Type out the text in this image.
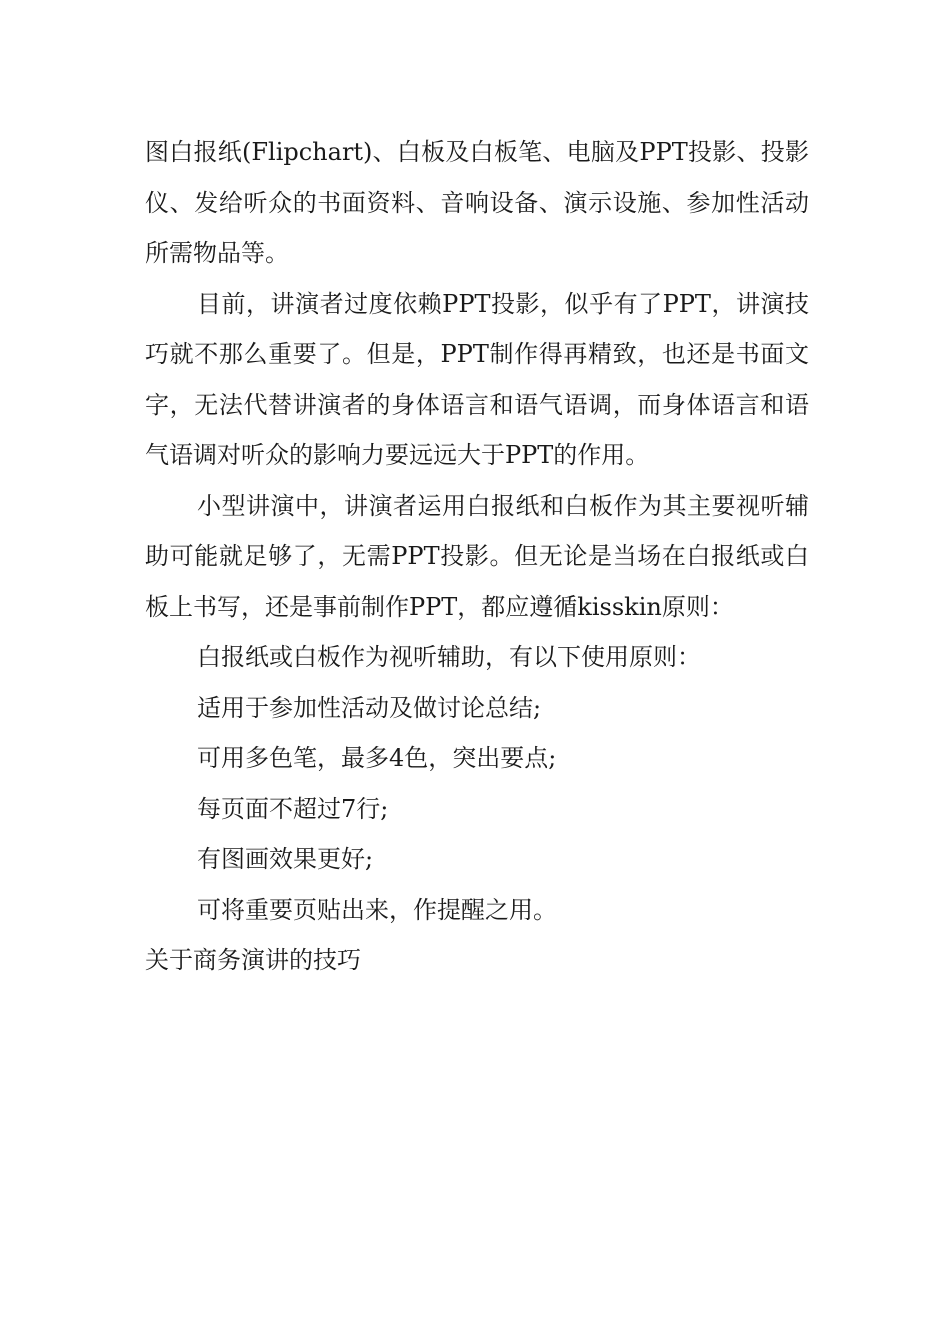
图白报纸(Flipchart)、白板及白板笔、电脑及PPT投影、投影仪、发给听众的书面资料、音响设备、演示设施、参加性活动所需物品等。

目前，讲演者过度依赖PPT投影，似乎有了PPT，讲演技巧就不那么重要了。但是，PPT制作得再精致，也还是书面文字，无法代替讲演者的身体语言和语气语调，而身体语言和语气语调对听众的影响力要远远大于PPT的作用。

小型讲演中，讲演者运用白报纸和白板作为其主要视听辅助可能就足够了，无需PPT投影。但无论是当场在白报纸或白板上书写，还是事前制作PPT，都应遵循kisskin原则：

白报纸或白板作为视听辅助，有以下使用原则：

适用于参加性活动及做讨论总结;

可用多色笔，最多4色，突出要点;

每页面不超过7行;

有图画效果更好;

可将重要页贴出来，作提醒之用。

关于商务演讲的技巧
